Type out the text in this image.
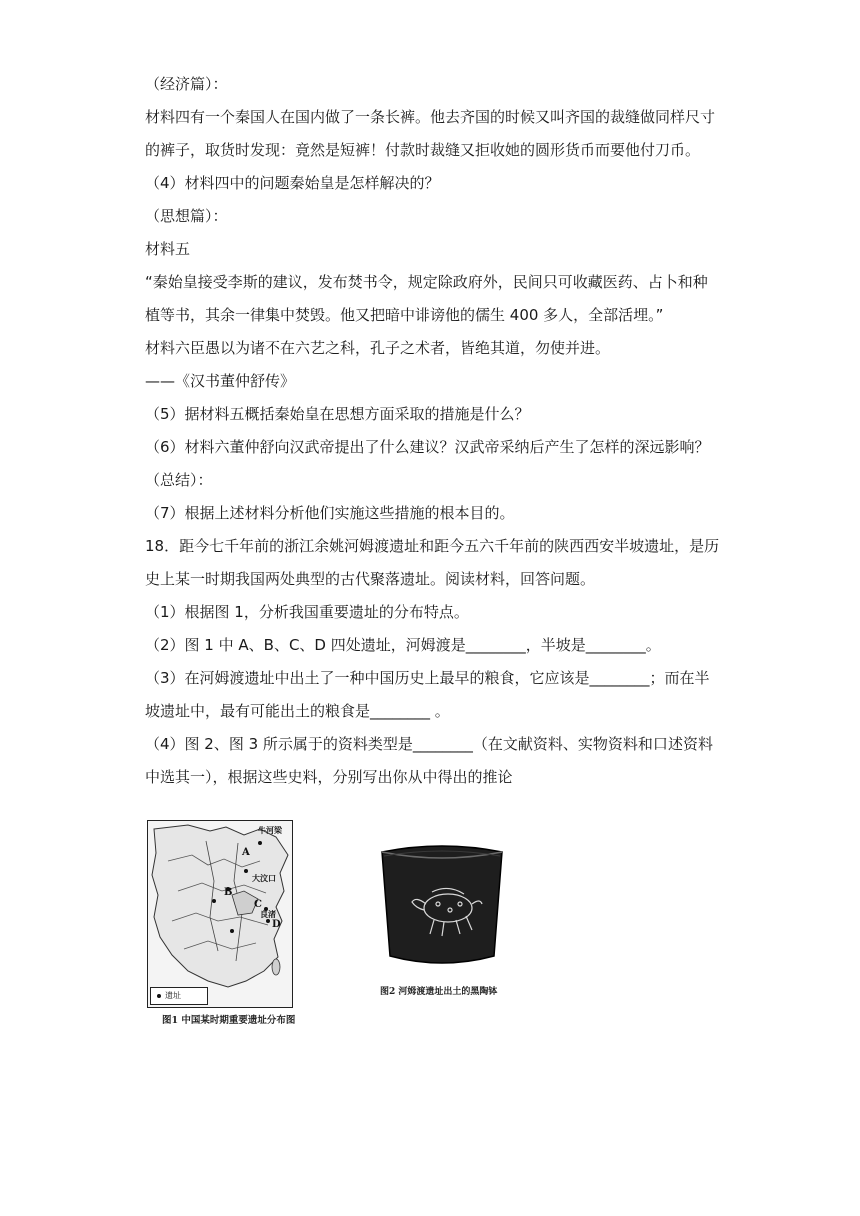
（经济篇）：
材料四有一个秦国人在国内做了一条长裤。他去齐国的时候又叫齐国的裁缝做同样尺寸
的裤子，取货时发现：竟然是短裤！付款时裁缝又拒收她的圆形货币而要他付刀币。
（4）材料四中的问题秦始皇是怎样解决的？
（思想篇）：
材料五
“秦始皇接受李斯的建议，发布焚书令，规定除政府外，民间只可收藏医药、占卜和种
植等书，其余一律集中焚毁。他又把暗中诽谤他的儒生 400 多人，全部活埋。”
材料六臣愚以为诸不在六艺之科，孔子之术者，皆绝其道，勿使并进。
——《汉书董仲舒传》
（5）据材料五概括秦始皇在思想方面采取的措施是什么？
（6）材料六董仲舒向汉武帝提出了什么建议？汉武帝采纳后产生了怎样的深远影响？
（总结）：
（7）根据上述材料分析他们实施这些措施的根本目的。
18．距今七千年前的浙江余姚河姆渡遗址和距今五六千年前的陕西西安半坡遗址，是历
史上某一时期我国两处典型的古代聚落遗址。阅读材料，回答问题。
（1）根据图 1，分析我国重要遗址的分布特点。
（2）图 1 中 A、B、C、D 四处遗址，河姆渡是________，半坡是________。
（3）在河姆渡遗址中出土了一种中国历史上最早的粮食，它应该是________；而在半
坡遗址中，最有可能出土的粮食是________ 。
（4）图 2、图 3 所示属于的资料类型是________（在文献资料、实物资料和口述资料
中选其一），根据这些史料，分别写出你从中得出的推论
牛河梁
大汶口
B
C
良渚
D
A
遗址
图1 中国某时期重要遗址分布图
图2 河姆渡遗址出土的黑陶钵
